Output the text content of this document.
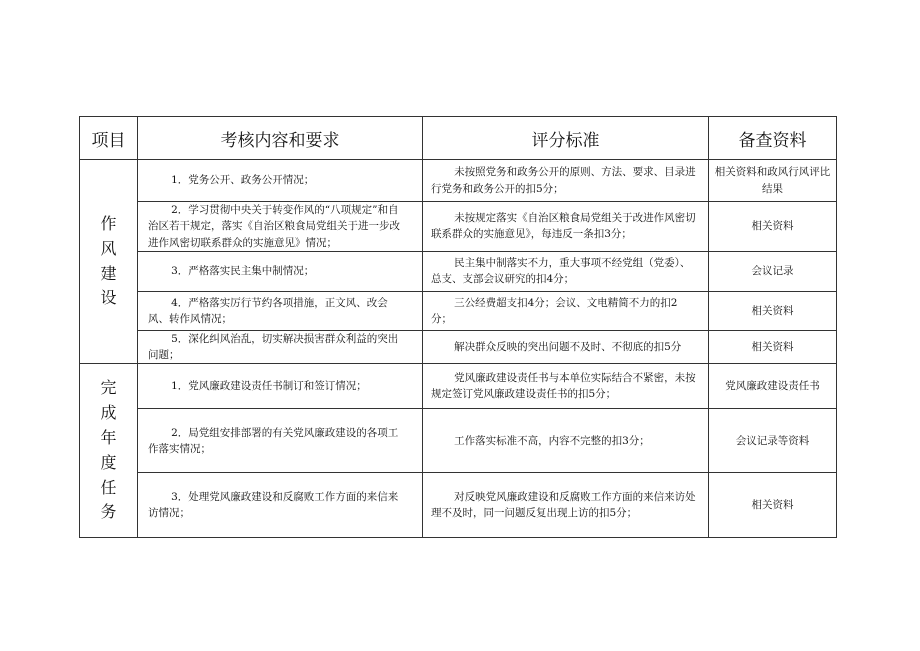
项目	考核内容和要求	评分标准	备查资料
作风建设	1．党务公开、政务公开情况；	未按照党务和政务公开的原则、方法、要求、目录进行党务和政务公开的扣5分；	相关资料和政风行风评比结果

	2．学习贯彻中央关于转变作风的“八项规定”和自治区若干规定，落实《自治区粮食局党组关于进一步改进作风密切联系群众的实施意见》情况；	未按规定落实《自治区粮食局党组关于改进作风密切联系群众的实施意见》，每违反一条扣3分；	相关资料

	3．严格落实民主集中制情况；	民主集中制落实不力，重大事项不经党组（党委）、总支、支部会议研究的扣4分；	会议记录

	4．严格落实厉行节约各项措施，正文风、改会风、转作风情况；	三公经费超支扣4分；会议、文电精简不力的扣2分；	相关资料

	5．深化纠风治乱，切实解决损害群众利益的突出问题；	解决群众反映的突出问题不及时、不彻底的扣5分	相关资料
完成年度任务	1．党风廉政建设责任书制订和签订情况；	党风廉政建设责任书与本单位实际结合不紧密，未按规定签订党风廉政建设责任书的扣5分；	党风廉政建设责任书

	2．局党组安排部署的有关党风廉政建设的各项工作落实情况；	工作落实标准不高，内容不完整的扣3分；	会议记录等资料

	3．处理党风廉政建设和反腐败工作方面的来信来访情况；	对反映党风廉政建设和反腐败工作方面的来信来访处理不及时，同一问题反复出现上访的扣5分；	相关资料
